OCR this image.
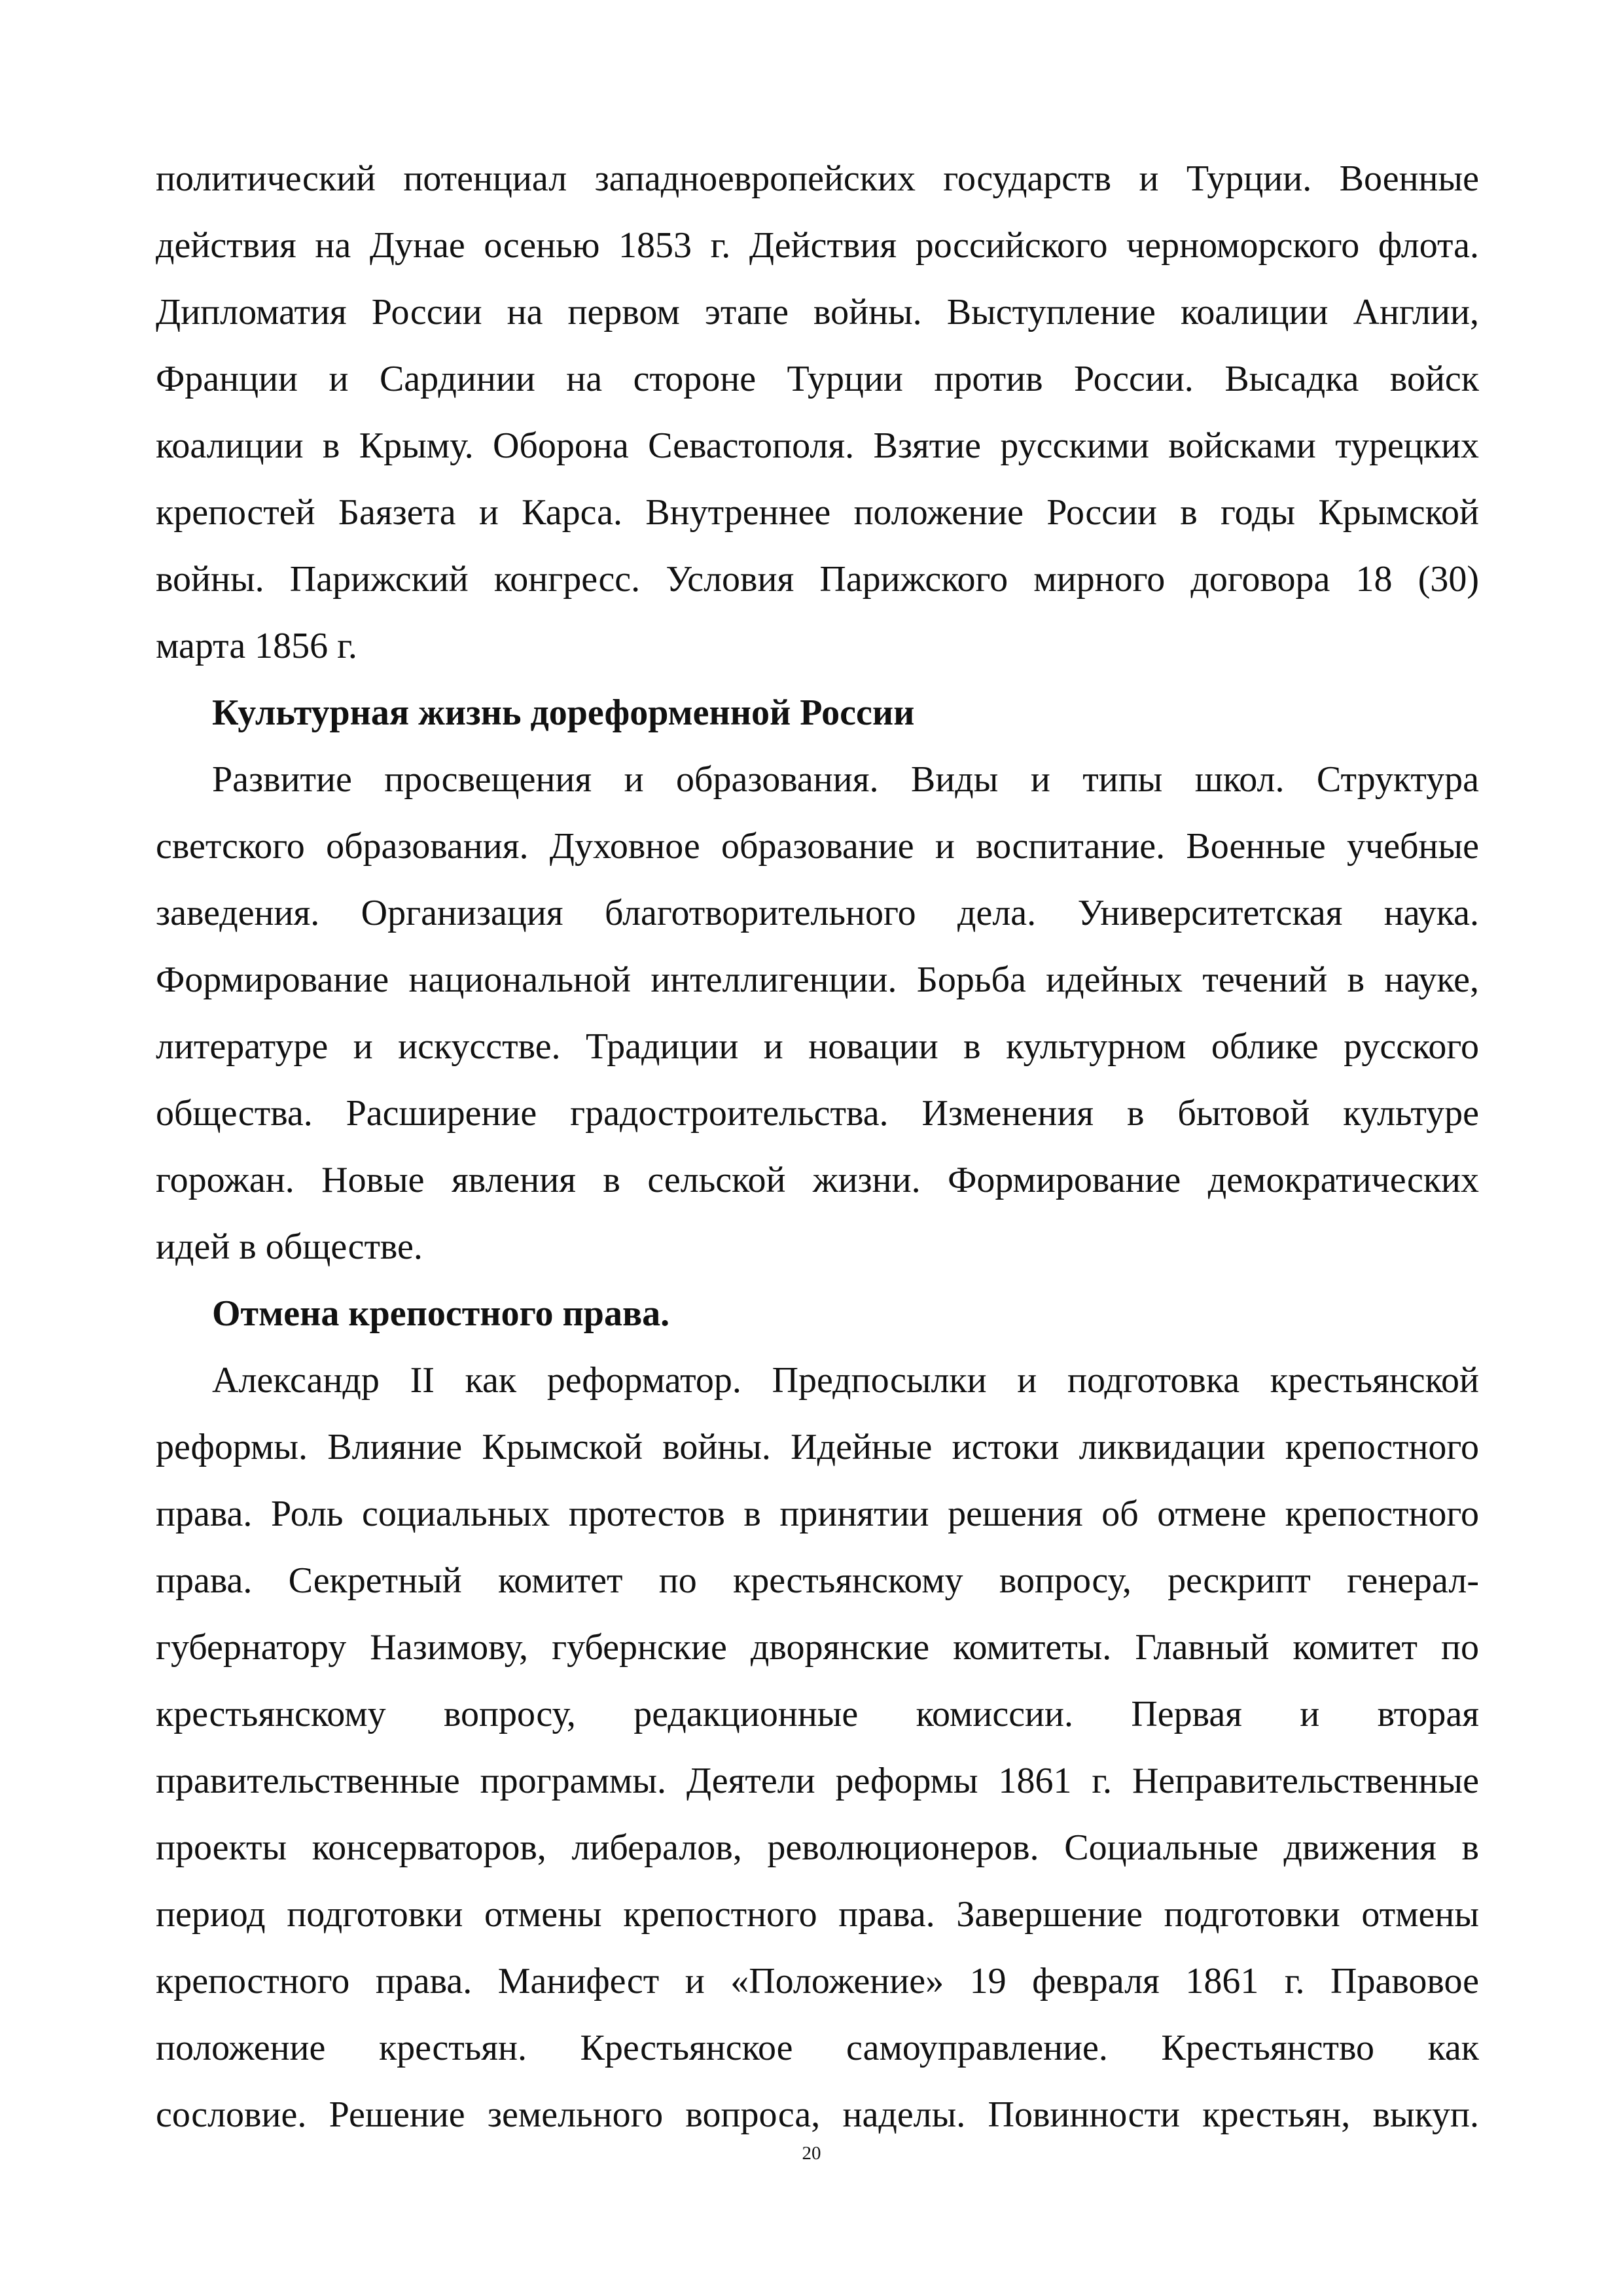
политический потенциал западноевропейских государств и Турции. Военные
действия на Дунае осенью 1853 г. Действия российского черноморского флота.
Дипломатия России на первом этапе войны. Выступление коалиции Англии,
Франции и Сардинии на стороне Турции против России. Высадка войск
коалиции в Крыму. Оборона Севастополя. Взятие русскими войсками турецких
крепостей Баязета и Карса. Внутреннее положение России в годы Крымской
войны. Парижский конгресс. Условия Парижского мирного договора 18 (30)
марта 1856 г.
Культурная жизнь дореформенной России
Развитие просвещения и образования. Виды и типы школ. Структура
светского образования. Духовное образование и воспитание. Военные учебные
заведения. Организация благотворительного дела. Университетская наука.
Формирование национальной интеллигенции. Борьба идейных течений в науке,
литературе и искусстве. Традиции и новации в культурном облике русского
общества. Расширение градостроительства. Изменения в бытовой культуре
горожан. Новые явления в сельской жизни. Формирование демократических
идей в обществе.
Отмена крепостного права.
Александр II как реформатор. Предпосылки и подготовка крестьянской
реформы. Влияние Крымской войны. Идейные истоки ликвидации крепостного
права. Роль социальных протестов в принятии решения об отмене крепостного
права. Секретный комитет по крестьянскому вопросу, рескрипт генерал-
губернатору Назимову, губернские дворянские комитеты. Главный комитет по
крестьянскому вопросу, редакционные комиссии. Первая и вторая
правительственные программы. Деятели реформы 1861 г. Неправительственные
проекты консерваторов, либералов, революционеров. Социальные движения в
период подготовки отмены крепостного права. Завершение подготовки отмены
крепостного права. Манифест и «Положение» 19 февраля 1861 г. Правовое
положение крестьян. Крестьянское самоуправление. Крестьянство как
сословие. Решение земельного вопроса, наделы. Повинности крестьян, выкуп.
20
